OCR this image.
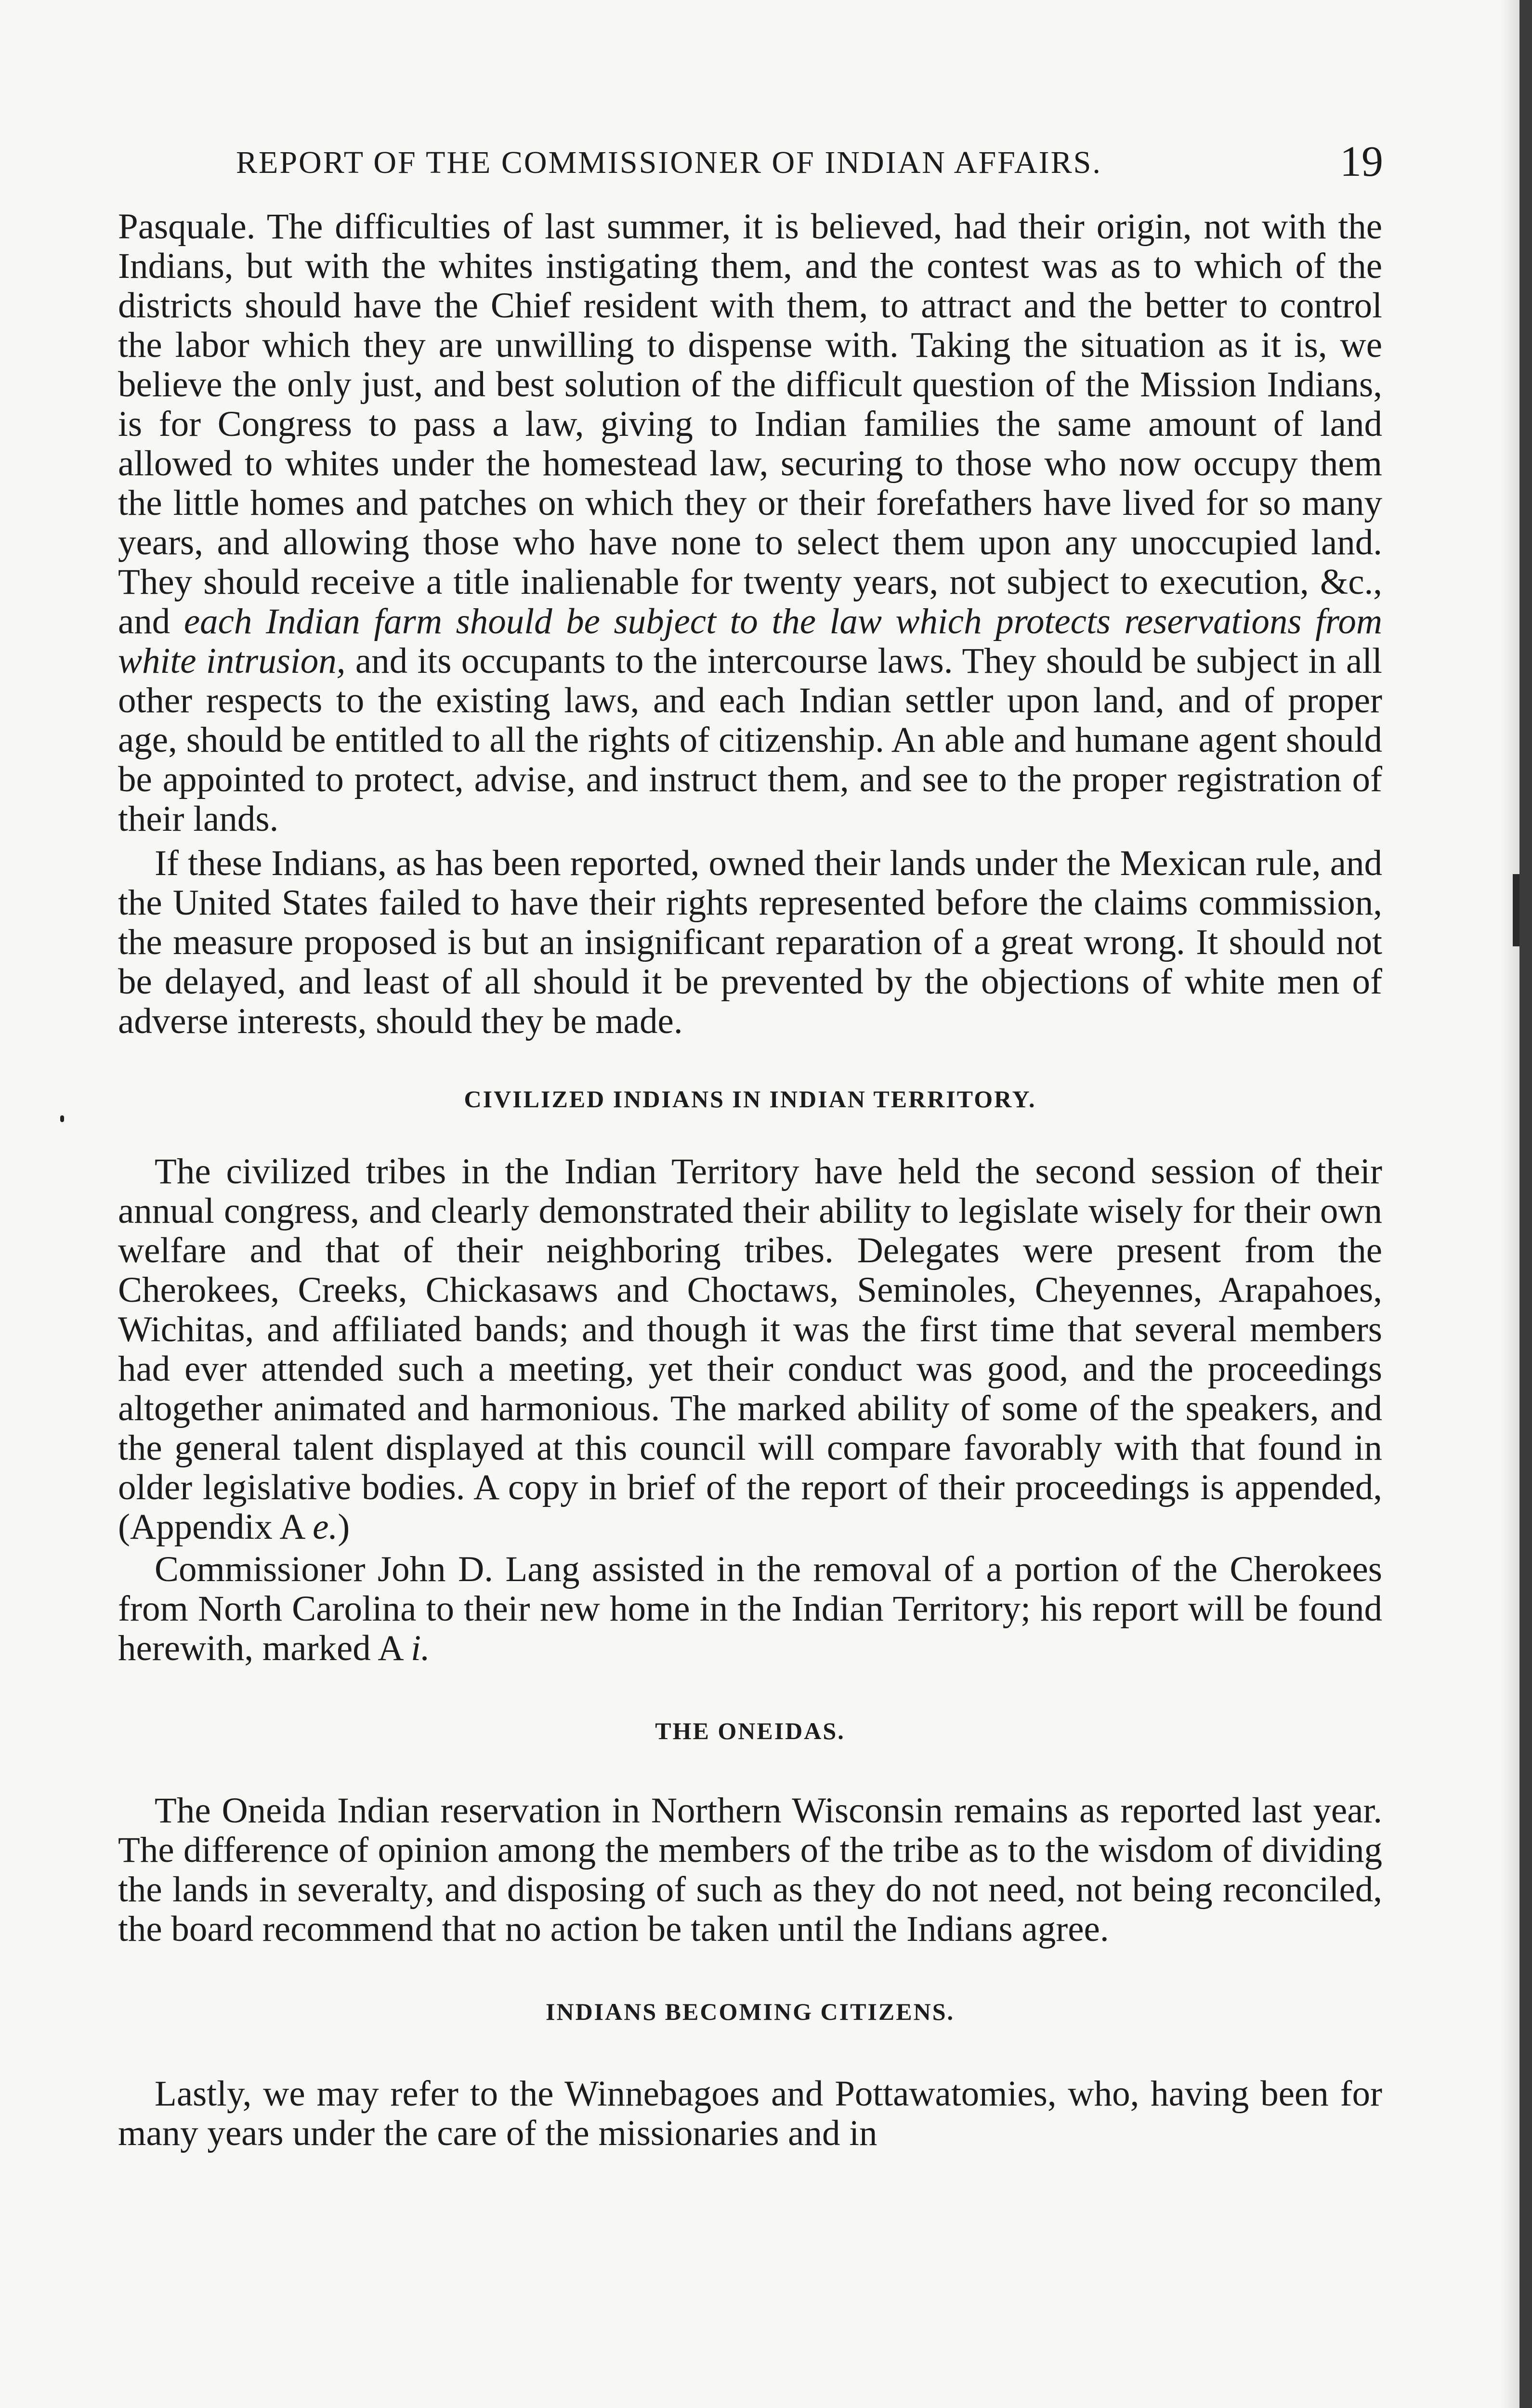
REPORT OF THE COMMISSIONER OF INDIAN AFFAIRS.	19

Pasquale. The difficulties of last summer, it is believed, had their origin, not with the Indians, but with the whites instigating them, and the contest was as to which of the districts should have the Chief resident with them, to attract and the better to control the labor which they are unwilling to dispense with. Taking the situation as it is, we believe the only just, and best solution of the difficult question of the Mission Indians, is for Congress to pass a law, giving to Indian families the same amount of land allowed to whites under the homestead law, securing to those who now occupy them the little homes and patches on which they or their forefathers have lived for so many years, and allowing those who have none to select them upon any unoccupied land. They should receive a title inalienable for twenty years, not subject to execution, &c., and each Indian farm should be subject to the law which protects reservations from white intrusion, and its occupants to the intercourse laws. They should be subject in all other respects to the existing laws, and each Indian settler upon land, and of proper age, should be entitled to all the rights of citizenship. An able and humane agent should be appointed to protect, advise, and instruct them, and see to the proper registration of their lands.

If these Indians, as has been reported, owned their lands under the Mexican rule, and the United States failed to have their rights represented before the claims commission, the measure proposed is but an insignificant reparation of a great wrong. It should not be delayed, and least of all should it be prevented by the objections of white men of adverse interests, should they be made.

CIVILIZED INDIANS IN INDIAN TERRITORY.

The civilized tribes in the Indian Territory have held the second session of their annual congress, and clearly demonstrated their ability to legislate wisely for their own welfare and that of their neighboring tribes. Delegates were present from the Cherokees, Creeks, Chickasaws and Choctaws, Seminoles, Cheyennes, Arapahoes, Wichitas, and affiliated bands; and though it was the first time that several members had ever attended such a meeting, yet their conduct was good, and the proceedings altogether animated and harmonious. The marked ability of some of the speakers, and the general talent displayed at this council will compare favorably with that found in older legislative bodies. A copy in brief of the report of their proceedings is appended, (Appendix A e.)

Commissioner John D. Lang assisted in the removal of a portion of the Cherokees from North Carolina to their new home in the Indian Territory; his report will be found herewith, marked A i.

THE ONEIDAS.

The Oneida Indian reservation in Northern Wisconsin remains as reported last year. The difference of opinion among the members of the tribe as to the wisdom of dividing the lands in severalty, and disposing of such as they do not need, not being reconciled, the board recommend that no action be taken until the Indians agree.

INDIANS BECOMING CITIZENS.

Lastly, we may refer to the Winnebagoes and Pottawatomies, who, having been for many years under the care of the missionaries and in
